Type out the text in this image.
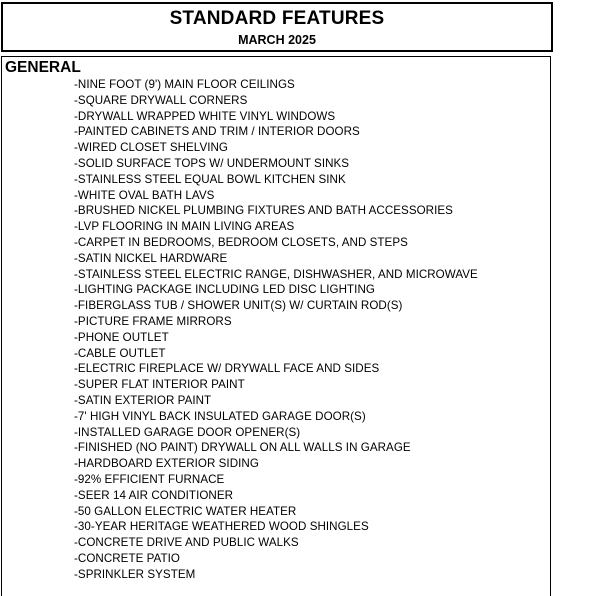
STANDARD FEATURES
MARCH 2025
GENERAL
-NINE FOOT (9') MAIN FLOOR CEILINGS
-SQUARE DRYWALL CORNERS
-DRYWALL WRAPPED WHITE VINYL WINDOWS
-PAINTED CABINETS AND TRIM / INTERIOR DOORS
-WIRED CLOSET SHELVING
-SOLID SURFACE TOPS W/ UNDERMOUNT SINKS
-STAINLESS STEEL EQUAL BOWL KITCHEN SINK
-WHITE OVAL BATH LAVS
-BRUSHED NICKEL PLUMBING FIXTURES AND BATH ACCESSORIES
-LVP FLOORING IN MAIN LIVING AREAS
-CARPET IN BEDROOMS, BEDROOM CLOSETS, AND STEPS
-SATIN NICKEL HARDWARE
-STAINLESS STEEL ELECTRIC RANGE, DISHWASHER, AND MICROWAVE
-LIGHTING PACKAGE INCLUDING LED DISC LIGHTING
-FIBERGLASS TUB / SHOWER UNIT(S) W/ CURTAIN ROD(S)
-PICTURE FRAME MIRRORS
-PHONE OUTLET
-CABLE OUTLET
-ELECTRIC FIREPLACE W/ DRYWALL FACE AND SIDES
-SUPER FLAT INTERIOR PAINT
-SATIN EXTERIOR PAINT
-7' HIGH VINYL BACK INSULATED GARAGE DOOR(S)
-INSTALLED GARAGE DOOR OPENER(S)
-FINISHED (NO PAINT) DRYWALL ON ALL WALLS IN GARAGE
-HARDBOARD EXTERIOR SIDING
-92% EFFICIENT FURNACE
-SEER 14 AIR CONDITIONER
-50 GALLON ELECTRIC WATER HEATER
-30-YEAR HERITAGE WEATHERED WOOD SHINGLES
-CONCRETE DRIVE AND PUBLIC WALKS
-CONCRETE PATIO
-SPRINKLER SYSTEM
